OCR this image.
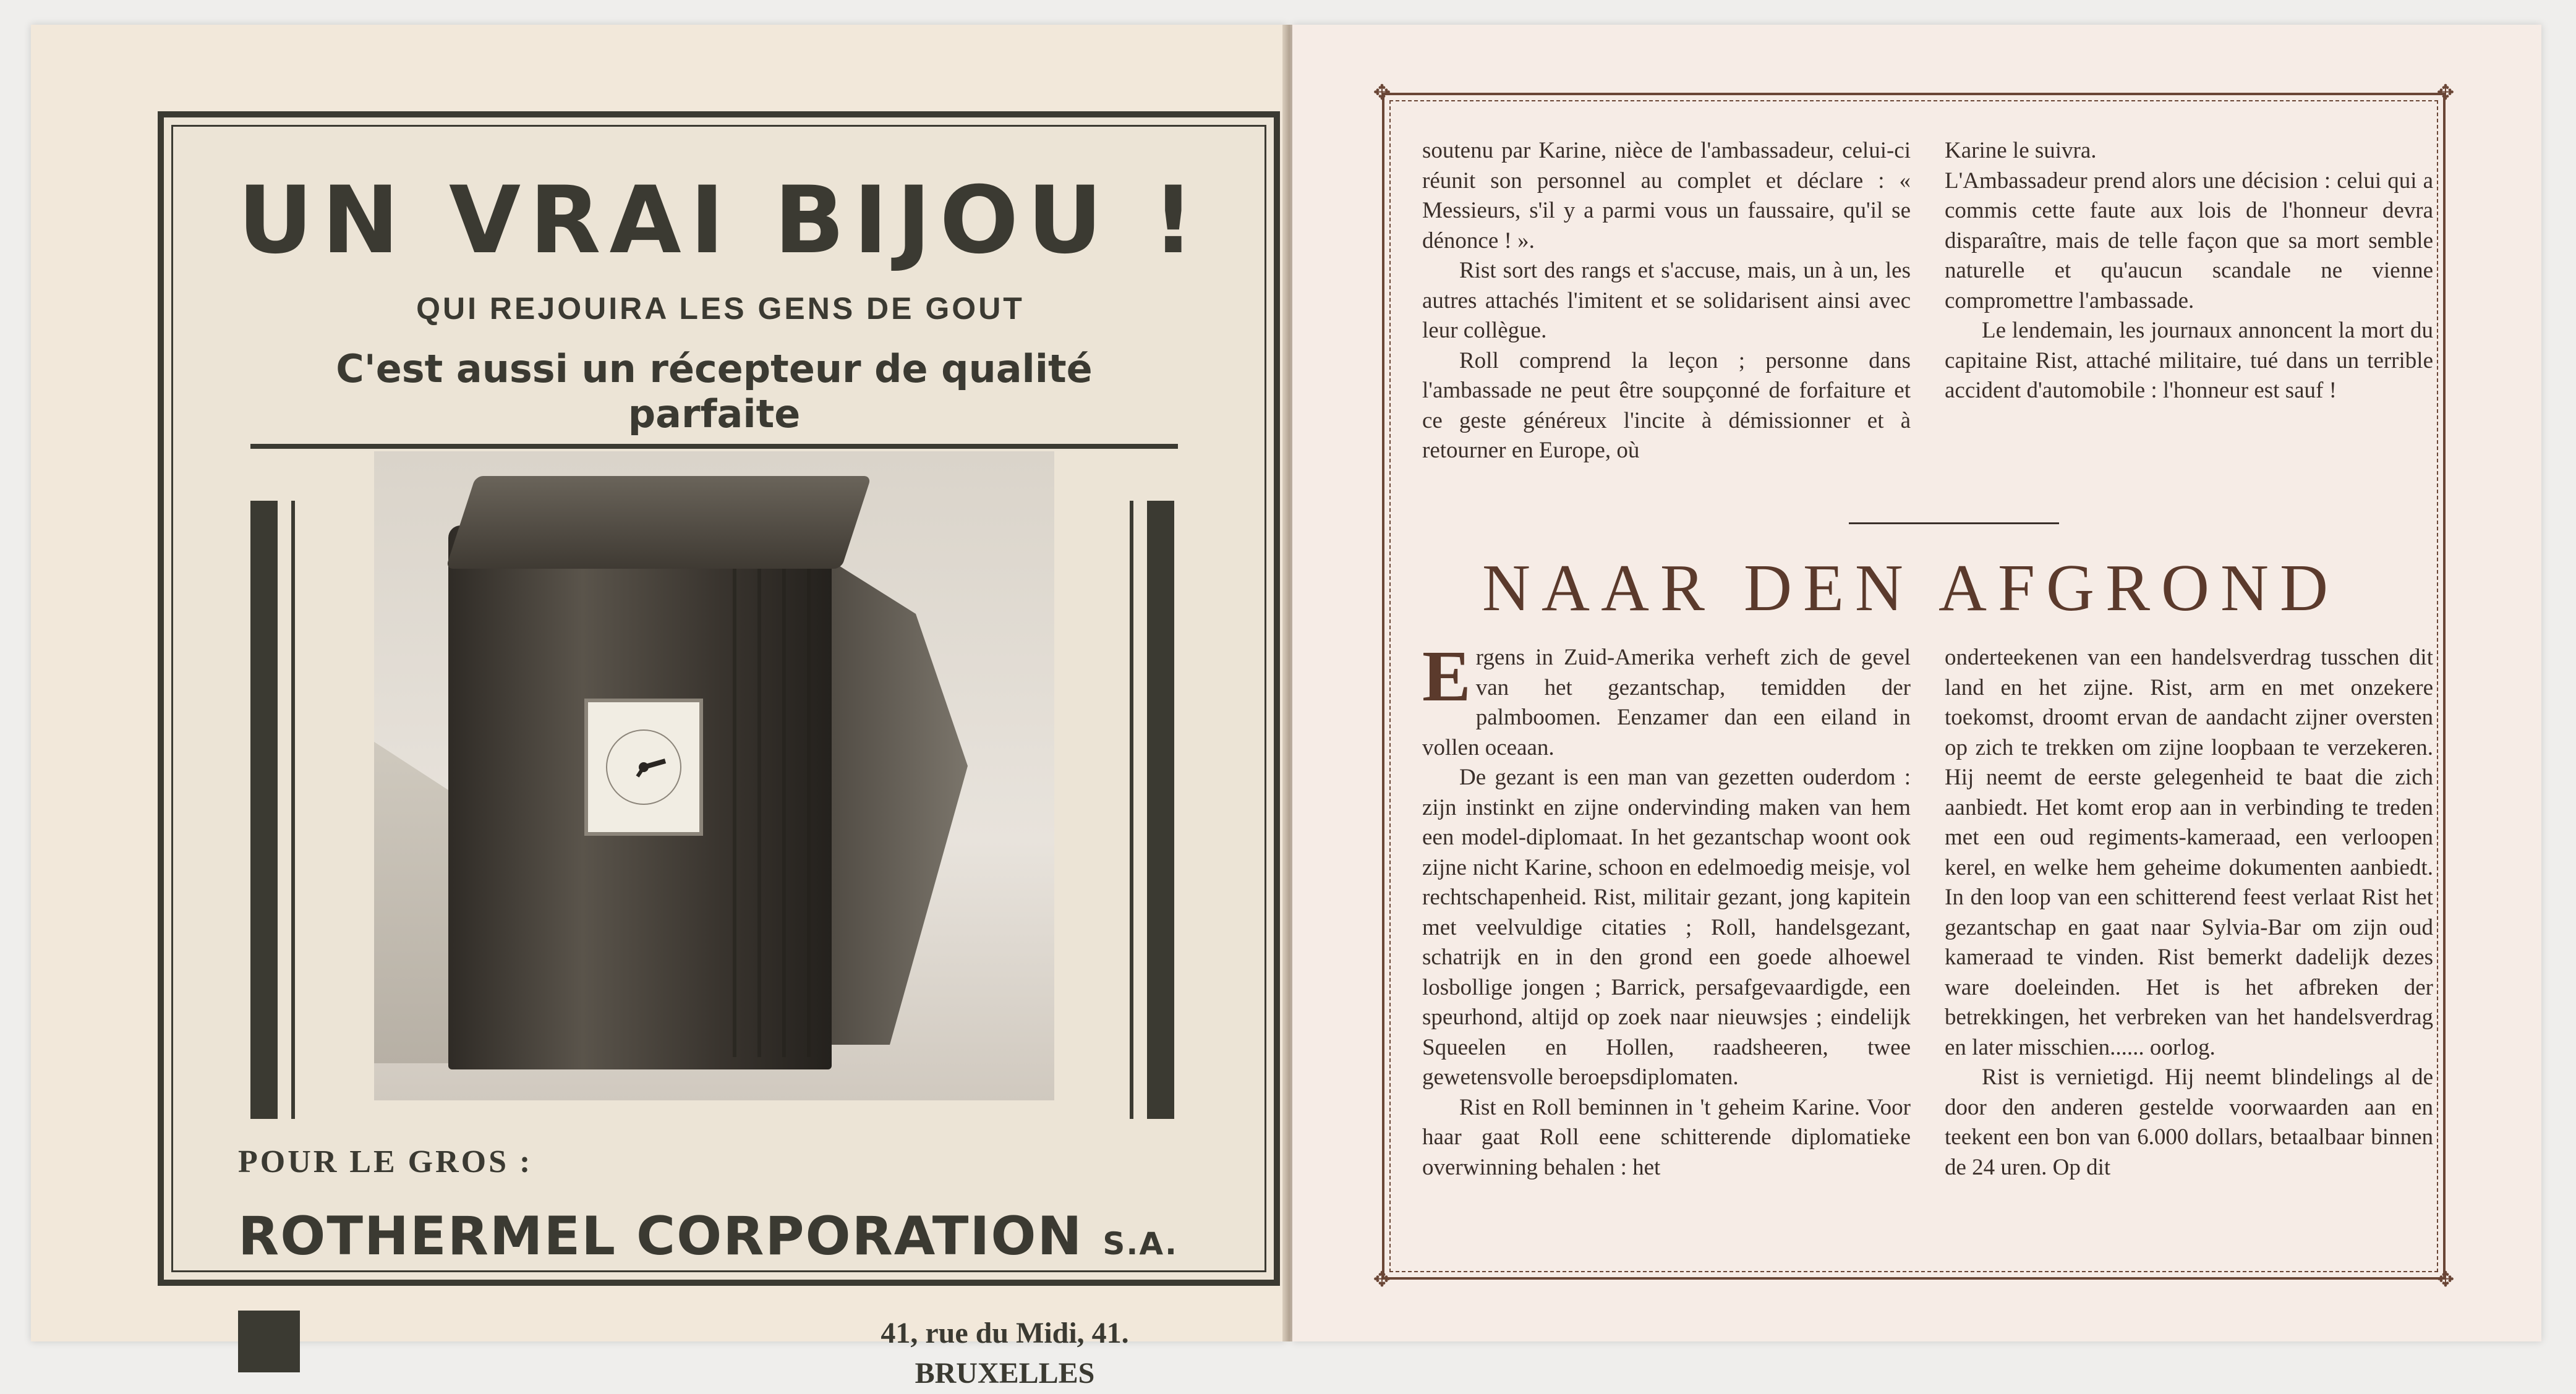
UN VRAI BIJOU !
QUI REJOUIRA LES GENS DE GOUT
C'est aussi un récepteur de qualité parfaite
POUR LE GROS :
ROTHERMEL CORPORATION S.A.
41, rue du Midi, 41.
BRUXELLES
✥	✥
✥	✥

soutenu par Karine, nièce de l'ambassadeur, celui-ci réunit son personnel au complet et déclare : « Messieurs, s'il y a parmi vous un faussaire, qu'il se dénonce ! ».

Rist sort des rangs et s'accuse, mais, un à un, les autres attachés l'imitent et se solidarisent ainsi avec leur collègue.

Roll comprend la leçon ; personne dans l'ambassade ne peut être soupçonné de forfaiture et ce geste généreux l'incite à démissionner et à retourner en Europe, où

Karine le suivra.

L'Ambassadeur prend alors une décision : celui qui a commis cette faute aux lois de l'honneur devra disparaître, mais de telle façon que sa mort semble naturelle et qu'aucun scandale ne vienne compromettre l'ambassade.

Le lendemain, les journaux annoncent la mort du capitaine Rist, attaché militaire, tué dans un terrible accident d'automobile : l'honneur est sauf !

NAAR DEN AFGROND

Ergens in Zuid-Amerika verheft zich de gevel van het gezantschap, temidden der palmboomen. Eenzamer dan een eiland in vollen oceaan.

De gezant is een man van gezetten ouderdom : zijn instinkt en zijne ondervinding maken van hem een model-diplomaat. In het gezantschap woont ook zijne nicht Karine, schoon en edelmoedig meisje, vol rechtschapenheid. Rist, militair gezant, jong kapitein met veelvuldige citaties ; Roll, handelsgezant, schatrijk en in den grond een goede alhoewel losbollige jongen ; Barrick, persafgevaardigde, een speurhond, altijd op zoek naar nieuwsjes ; eindelijk Squeelen en Hollen, raadsheeren, twee gewetensvolle beroepsdiplomaten.

Rist en Roll beminnen in 't geheim Karine. Voor haar gaat Roll eene schitterende diplomatieke overwinning behalen : het

onderteekenen van een handelsverdrag tusschen dit land en het zijne. Rist, arm en met onzekere toekomst, droomt ervan de aandacht zijner oversten op zich te trekken om zijne loopbaan te verzekeren. Hij neemt de eerste gelegenheid te baat die zich aanbiedt. Het komt erop aan in verbinding te treden met een oud regiments-kameraad, een verloopen kerel, en welke hem geheime dokumenten aanbiedt. In den loop van een schitterend feest verlaat Rist het gezantschap en gaat naar Sylvia-Bar om zijn oud kameraad te vinden. Rist bemerkt dadelijk dezes ware doeleinden. Het is het afbreken der betrekkingen, het verbreken van het handelsverdrag en later misschien...... oorlog.

Rist is vernietigd. Hij neemt blindelings al de door den anderen gestelde voorwaarden aan en teekent een bon van 6.000 dollars, betaalbaar binnen de 24 uren. Op dit
